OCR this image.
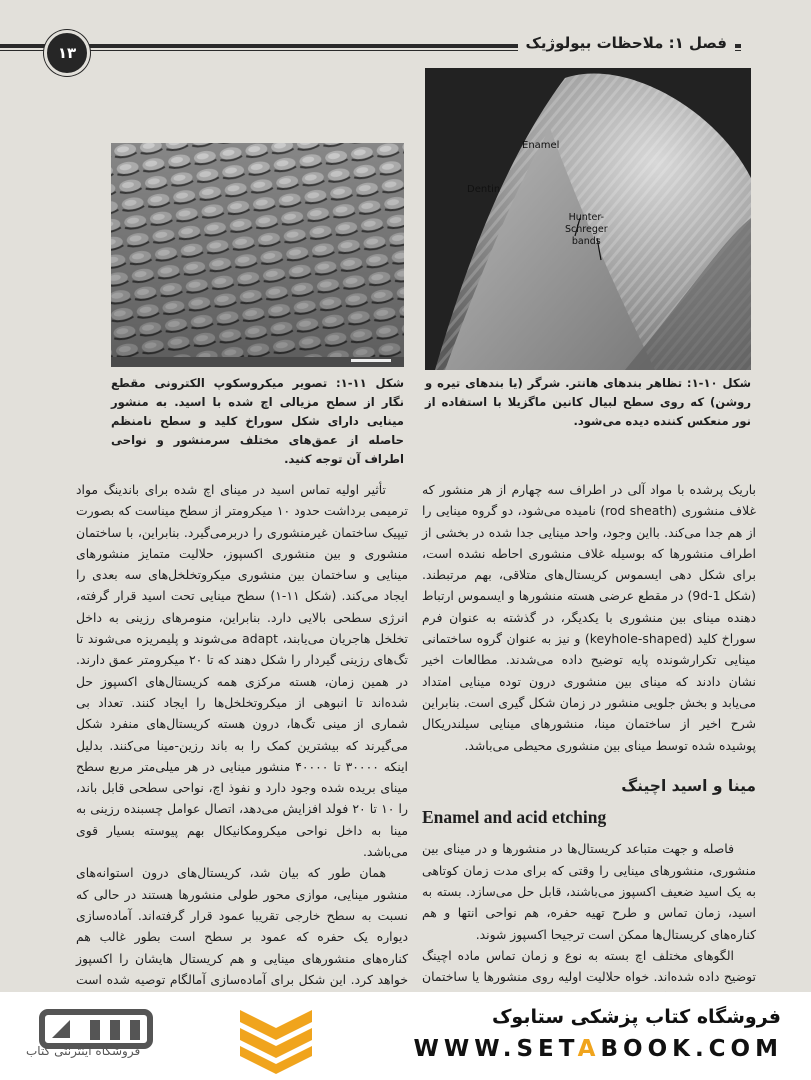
۱۳
فصل ۱: ملاحظات بیولوژیک
Enamel
Dentin
Hunter-
Schreger
bands
شکل ۱۰-۱: تظاهر بندهای هانتر. شرگر (یا بندهای تیره و روشن) که روی سطح لبیال کانین ماگزیلا با استفاده از نور منعکس کننده دیده می‌شود.
شکل ۱۱-۱: تصویر میکروسکوپ الکترونی مقطع نگار از سطح مزیالی اچ شده با اسید. به منشور مینایی دارای شکل سوراخ کلید و سطح نامنظم حاصله از عمق‌های مختلف سرمنشور و نواحی اطراف آن توجه کنید.

باریک پرشده با مواد آلی در اطراف سه چهارم از هر منشور که غلاف منشوری (rod sheath) نامیده می‌شود، دو گروه مینایی را از هم جدا می‌کند. بااین وجود، واحد مینایی جدا شده در بخشی از اطراف منشورها که بوسیله غلاف منشوری احاطه نشده است، برای شکل دهی ایسموس کریستال‌های متلاقی، بهم مرتبطند. (شکل 9d-1) در مقطع عرضی هسته منشورها و ایسموس ارتباط دهنده مینای بین منشوری با یکدیگر، در گذشته به عنوان فرم سوراخ کلید (keyhole-shaped) و نیز به عنوان گروه ساختمانی مینایی تکرارشونده پایه توضیح داده می‌شدند. مطالعات اخیر نشان دادند که مینای بین منشوری درون توده مینایی امتداد می‌یابد و بخش جلویی منشور در زمان شکل گیری است. بنابراین شرح اخیر از ساختمان مینا، منشورهای مینایی سیلندریکال پوشیده شده توسط مینای بین منشوری محیطی می‌باشد.

مینا و اسید اچینگ
Enamel and acid etching

فاصله و جهت متباعد کریستال‌ها در منشورها و در مینای بین منشوری، منشورهای مینایی را وقتی که برای مدت زمان کوتاهی به یک اسید ضعیف اکسپوز می‌باشند، قابل حل می‌سازد. بسته به اسید، زمان تماس و طرح تهیه حفره، هم نواحی انتها و هم کناره‌های کریستال‌ها ممکن است ترجیحا اکسپوز شوند.

الگوهای مختلف اچ بسته به نوع و زمان تماس ماده اچینگ توضیح داده شده‌اند. خواه حلالیت اولیه روی منشورها یا ساختمان

تأثیر اولیه تماس اسید در مینای اچ شده برای باندینگ مواد ترمیمی برداشت حدود ۱۰ میکرومتر از سطح میناست که بصورت تیپیک ساختمان غیرمنشوری را دربرمی‌گیرد. بنابراین، با ساختمان منشوری و بین منشوری اکسپوز، حلالیت متمایز منشورهای مینایی و ساختمان بین منشوری میکروتخلخل‌های سه بعدی را ایجاد می‌کند. (شکل ۱۱-۱) سطح مینایی تحت اسید قرار گرفته، انرژی سطحی بالایی دارد. بنابراین، منومرهای رزینی به داخل تخلخل هاجریان می‌یابند، adapt می‌شوند و پلیمریزه می‌شوند تا تگ‌های رزینی گیردار را شکل دهند که تا ۲۰ میکرومتر عمق دارند. در همین زمان، هسته مرکزی همه کریستال‌های اکسپوز حل شده‌اند تا انبوهی از میکروتخلخل‌ها را ایجاد کنند. تعداد بی شماری از مینی تگ‌ها، درون هسته کریستال‌های منفرد شکل می‌گیرند که بیشترین کمک را به باند رزین-مینا می‌کنند. بدلیل اینکه ۳۰۰۰۰ تا ۴۰۰۰۰ منشور مینایی در هر میلی‌متر مربع سطح مینای بریده شده وجود دارد و نفوذ اچ، نواحی سطحی قابل باند، را ۱۰ تا ۲۰ فولد افزایش می‌دهد، اتصال عوامل چسبنده رزینی به مینا به داخل نواحی میکرومکانیکال بهم پیوسته بسیار قوی می‌باشد.

همان طور که بیان شد، کریستال‌های درون استوانه‌های منشور مینایی، موازی محور طولی منشورها هستند در حالی که نسبت به سطح خارجی تقریبا عمود قرار گرفته‌اند. آماده‌سازی دیواره یک حفره که عمود بر سطح است بطور غالب هم کناره‌های منشورهای مینایی و هم کریستال هایشان را اکسپوز خواهد کرد. این شکل برای آماده‌سازی آمالگام توصیه شده است

فروشگاه اینترنتی کتاب
فروشگاه کتاب پزشکی ستابوک
WWW.SETABOOK.COM
